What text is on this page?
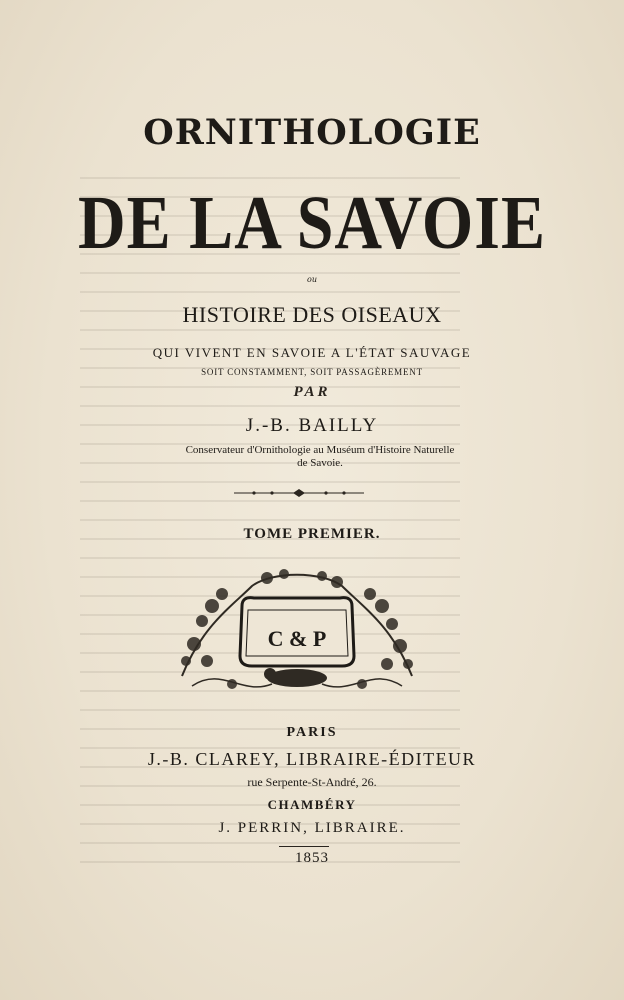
ORNITHOLOGIE
DE LA SAVOIE
ou
HISTOIRE DES OISEAUX
QUI VIVENT EN SAVOIE A L'ÉTAT SAUVAGE
SOIT CONSTAMMENT, SOIT PASSAGÈREMENT
PAR
J.-B. BAILLY
Conservateur d'Ornithologie au Muséum d'Histoire Naturelle
de Savoie.
TOME PREMIER.
C & P
PARIS
J.-B. CLAREY, LIBRAIRE-ÉDITEUR
rue Serpente-St-André, 26.
CHAMBÉRY
J. PERRIN, LIBRAIRE.
1853
